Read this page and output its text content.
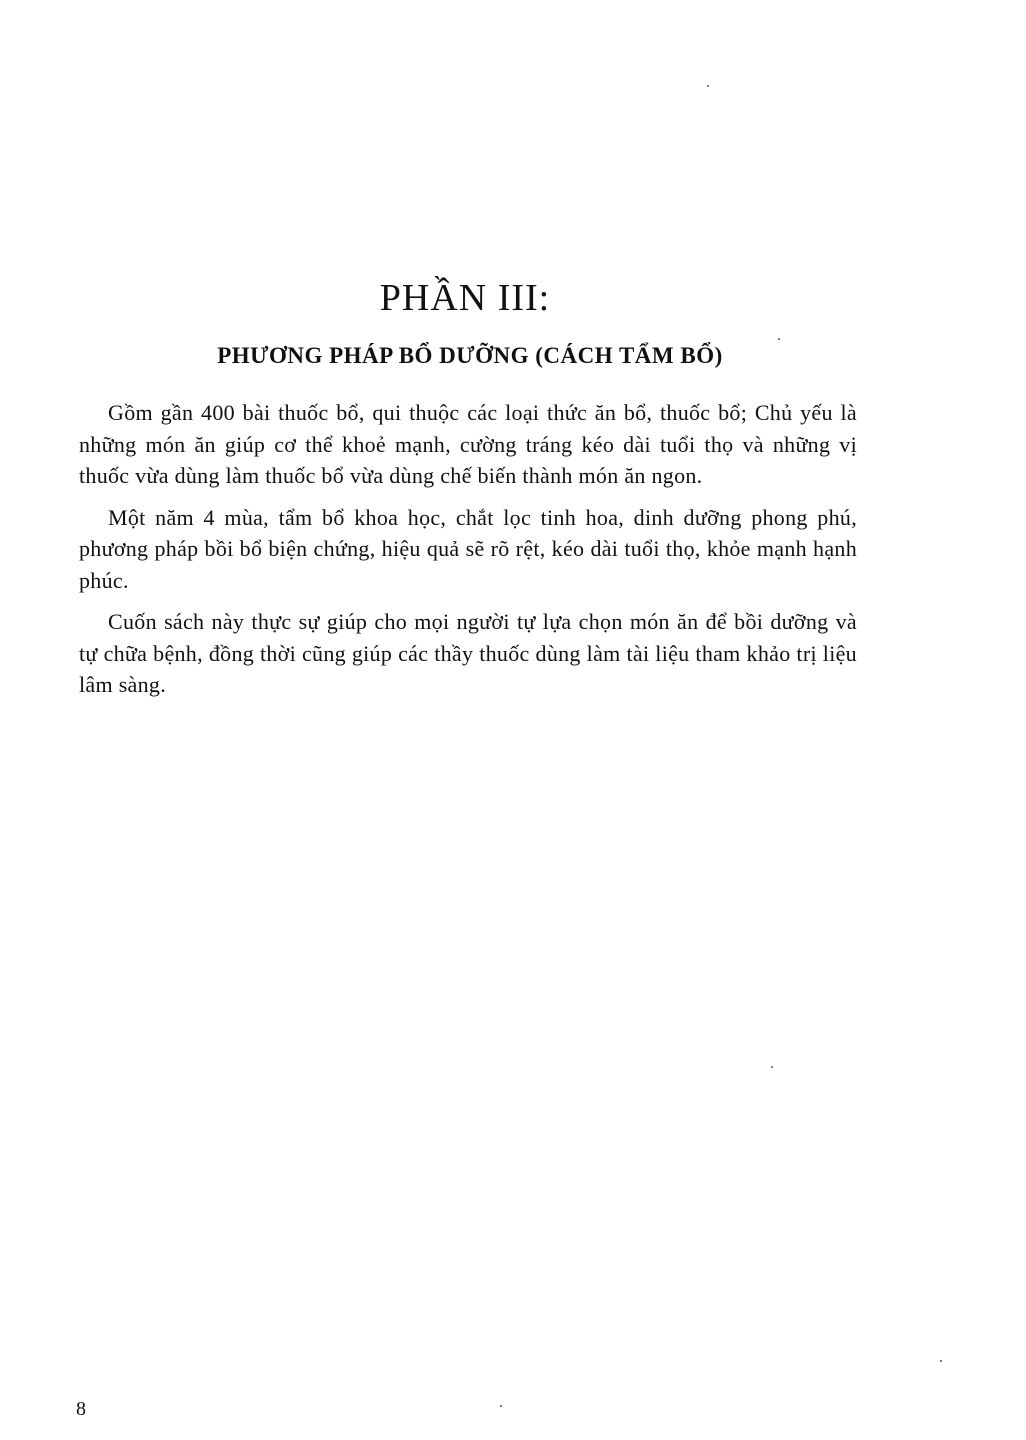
PHẦN III:
PHƯƠNG PHÁP BỔ DƯỠNG (CÁCH TẨM BỔ)

Gồm gần 400 bài thuốc bổ, qui thuộc các loại thức ăn bổ, thuốc bổ; Chủ yếu là những món ăn giúp cơ thể khoẻ mạnh, cường tráng kéo dài tuổi thọ và những vị thuốc vừa dùng làm thuốc bổ vừa dùng chế biến thành món ăn ngon.

Một năm 4 mùa, tẩm bổ khoa học, chắt lọc tinh hoa, dinh dưỡng phong phú, phương pháp bồi bổ biện chứng, hiệu quả sẽ rõ rệt, kéo dài tuổi thọ, khỏe mạnh hạnh phúc.

Cuốn sách này thực sự giúp cho mọi người tự lựa chọn món ăn để bồi dưỡng và tự chữa bệnh, đồng thời cũng giúp các thầy thuốc dùng làm tài liệu tham khảo trị liệu lâm sàng.

8
